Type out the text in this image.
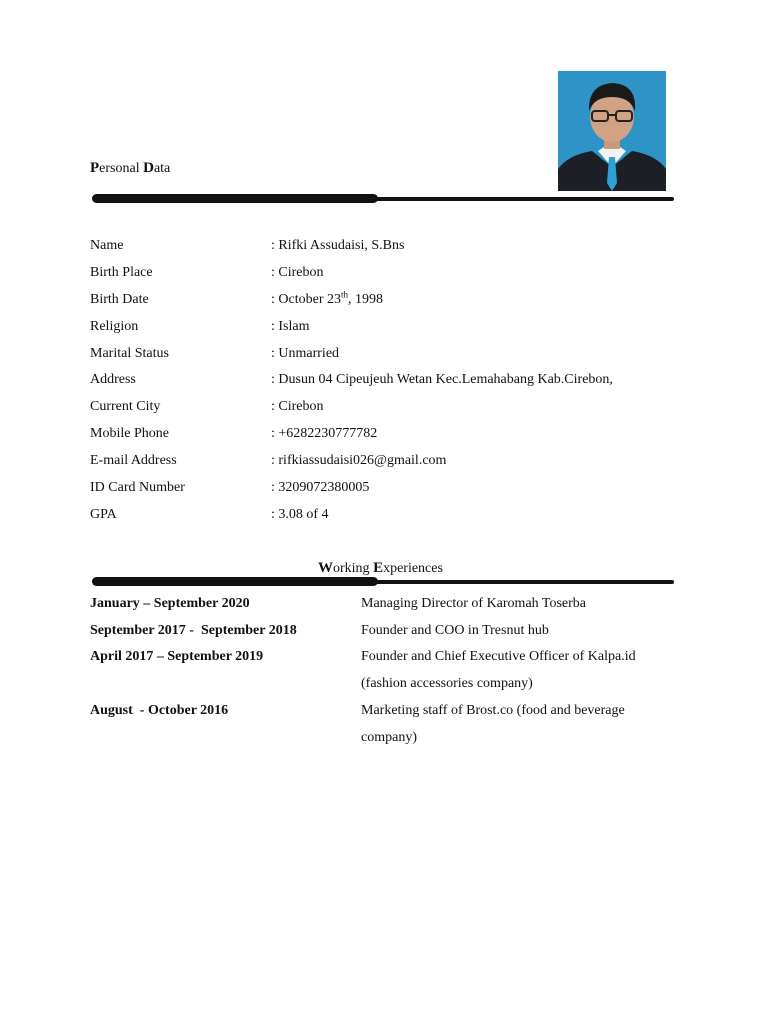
Personal Data
Name	: Rifki Assudaisi, S.Bns
Birth Place	: Cirebon
Birth Date	: October 23th, 1998
Religion	: Islam
Marital Status	: Unmarried
Address	: Dusun 04 Cipeujeuh Wetan Kec.Lemahabang Kab.Cirebon,
Current City	: Cirebon
Mobile Phone	: +6282230777782
E-mail Address	: rifkiassudaisi026@gmail.com
ID Card Number	: 3209072380005
GPA	: 3.08 of 4
Working Experiences
January – September 2020	Managing Director of Karomah Toserba
September 2017 -  September 2018	Founder and COO in Tresnut hub
April 2017 – September 2019	Founder and Chief Executive Officer of Kalpa.id (fashion accessories company)
August  - October 2016	Marketing staff of Brost.co (food and beverage company)
